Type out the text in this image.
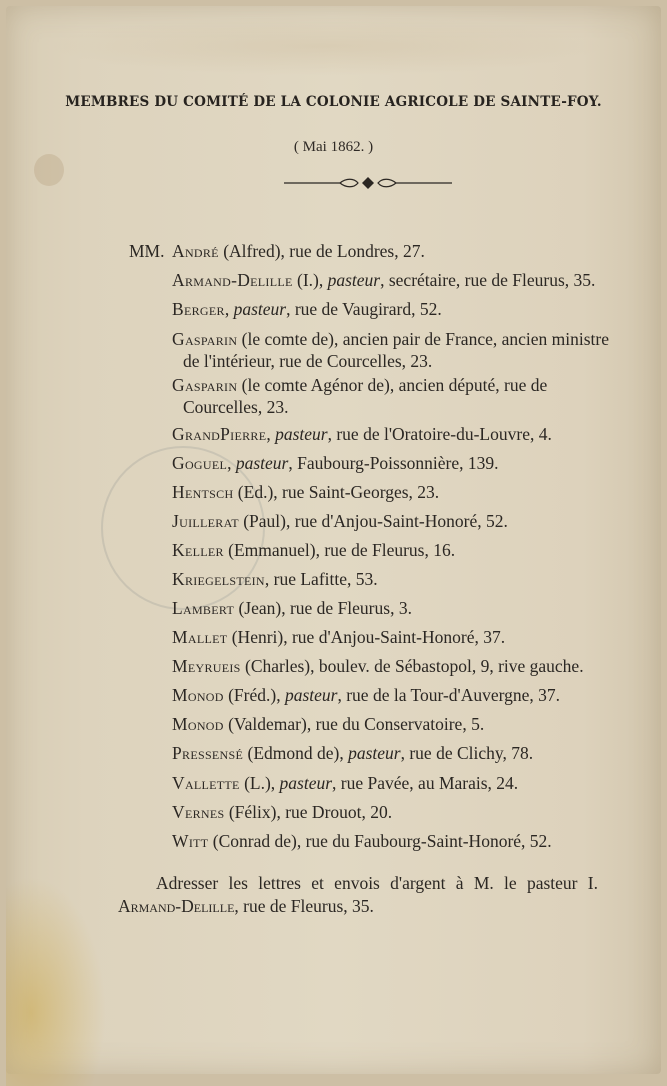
MEMBRES DU COMITÉ DE LA COLONIE AGRICOLE DE SAINTE-FOY.

( Mai 1862. )

MM. André (Alfred), rue de Londres, 27.
Armand-Delille (I.), pasteur, secrétaire, rue de Fleurus, 35.
Berger, pasteur, rue de Vaugirard, 52.
Gasparin (le comte de), ancien pair de France, ancien ministre de l'intérieur, rue de Courcelles, 23.
Gasparin (le comte Agénor de), ancien député, rue de Courcelles, 23.
GrandPierre, pasteur, rue de l'Oratoire-du-Louvre, 4.
Goguel, pasteur, Faubourg-Poissonnière, 139.
Hentsch (Ed.), rue Saint-Georges, 23.
Juillerat (Paul), rue d'Anjou-Saint-Honoré, 52.
Keller (Emmanuel), rue de Fleurus, 16.
Kriegelstein, rue Lafitte, 53.
Lambert (Jean), rue de Fleurus, 3.
Mallet (Henri), rue d'Anjou-Saint-Honoré, 37.
Meyrueis (Charles), boulev. de Sébastopol, 9, rive gauche.
Monod (Fréd.), pasteur, rue de la Tour-d'Auvergne, 37.
Monod (Valdemar), rue du Conservatoire, 5.
Pressensé (Edmond de), pasteur, rue de Clichy, 78.
Vallette (L.), pasteur, rue Pavée, au Marais, 24.
Vernes (Félix), rue Drouot, 20.
Witt (Conrad de), rue du Faubourg-Saint-Honoré, 52.

Adresser les lettres et envois d'argent à M. le pasteur I. Armand-Delille, rue de Fleurus, 35.
